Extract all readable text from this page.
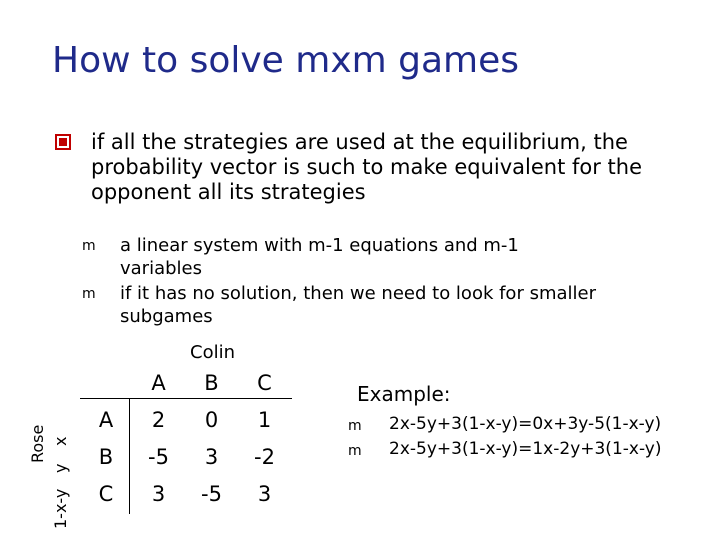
How to solve mxm games
if all the strategies are used at the equilibrium, the probability vector is such to make equivalent for the opponent all its strategies
m a linear system with m-1 equations and m-1 variables
m if it has no solution, then we need to look for smaller subgames
Colin
Rose
1-x-y
y
x
	A	B	C
A	2	0	1
B	-5	3	-2
C	3	-5	3
Example:
m 2x-5y+3(1-x-y)=0x+3y-5(1-x-y)
m 2x-5y+3(1-x-y)=1x-2y+3(1-x-y)
